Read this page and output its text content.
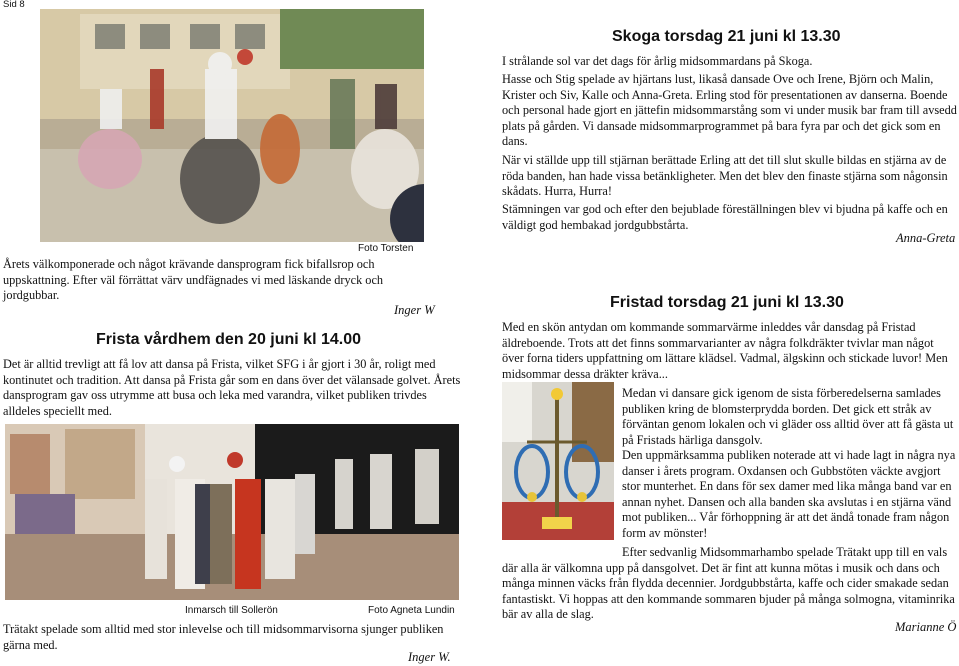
Sid 8
Foto Torsten

Årets välkomponerade och något krävande dansprogram fick bifallsrop och uppskattning. Efter väl förrättat värv undfägnades vi med läskande dryck och jordgubbar.

Inger W
Frista vårdhem den 20 juni kl 14.00

Det är alltid trevligt att få lov att dansa på Frista, vilket SFG i år gjort i 30 år, roligt med kontinutet och tradition. Att dansa på Frista går som en dans över det välansade golvet. Årets dansprogram gav oss utrymme att busa och leka med varandra, vilket publiken trivdes alldeles speciellt med.

Inmarsch till Sollerön	Foto Agneta Lundin

Trätakt spelade som alltid med stor inlevelse och till midsommarvisorna sjunger publiken gärna med.

Inger W.
Skoga torsdag 21 juni kl 13.30

I strålande sol var det dags för årlig midsommardans på Skoga.

Hasse och Stig spelade av hjärtans lust, likaså dansade Ove och Irene, Björn och Malin, Krister och Siv, Kalle och Anna-Greta. Erling stod för presentationen av danserna. Boende och personal hade gjort en jättefin midsommarstång som vi under musik bar fram till avsedd plats på gården. Vi dansade midsommarprogrammet på bara fyra par och det gick som en dans.

När vi ställde upp till stjärnan berättade Erling att det till slut skulle bildas en stjärna av de röda banden, han hade vissa betänkligheter. Men det blev den finaste stjärna som någonsin skådats. Hurra, Hurra!

Stämningen var god och efter den bejublade föreställningen blev vi bjudna på kaffe och en väldigt god hembakad jordgubbstårta.

Anna-Greta
Fristad torsdag 21 juni kl 13.30

Med en skön antydan om kommande sommarvärme inleddes vår dansdag på Fristad äldreboende. Trots att det finns sommarvarianter av några folkdräkter tvivlar man något över forna tiders uppfattning om lättare klädsel. Vadmal, älgskinn och stickade luvor! Men midsommar dessa dräkter kräva...

Medan vi dansare gick igenom de sista förberedelserna samlades publiken kring de blomsterprydda borden. Det gick ett stråk av förväntan genom lokalen och vi gläder oss alltid över att få gästa ut på Fristads härliga dansgolv.

Den uppmärksamma publiken noterade att vi hade lagt in några nya danser i årets program. Oxdansen och Gubbstöten väckte avgjort stor munterhet. En dans för sex damer med lika många band var en annan nyhet. Dansen och alla banden ska avslutas i en stjärna vänd mot publiken... Vår förhoppning är att det ändå tonade fram någon form av mönster!

Efter sedvanlig Midsommarhambo spelade Trätakt upp till en vals där alla är välkomna upp på dansgolvet. Det är fint att kunna mötas i musik och dans och många minnen väcks från flydda decennier. Jordgubbstårta, kaffe och cider smakade sedan fantastiskt. Vi hoppas att den kommande sommaren bjuder på många solmogna, vitaminrika bär av alla de slag.

Marianne Ö
